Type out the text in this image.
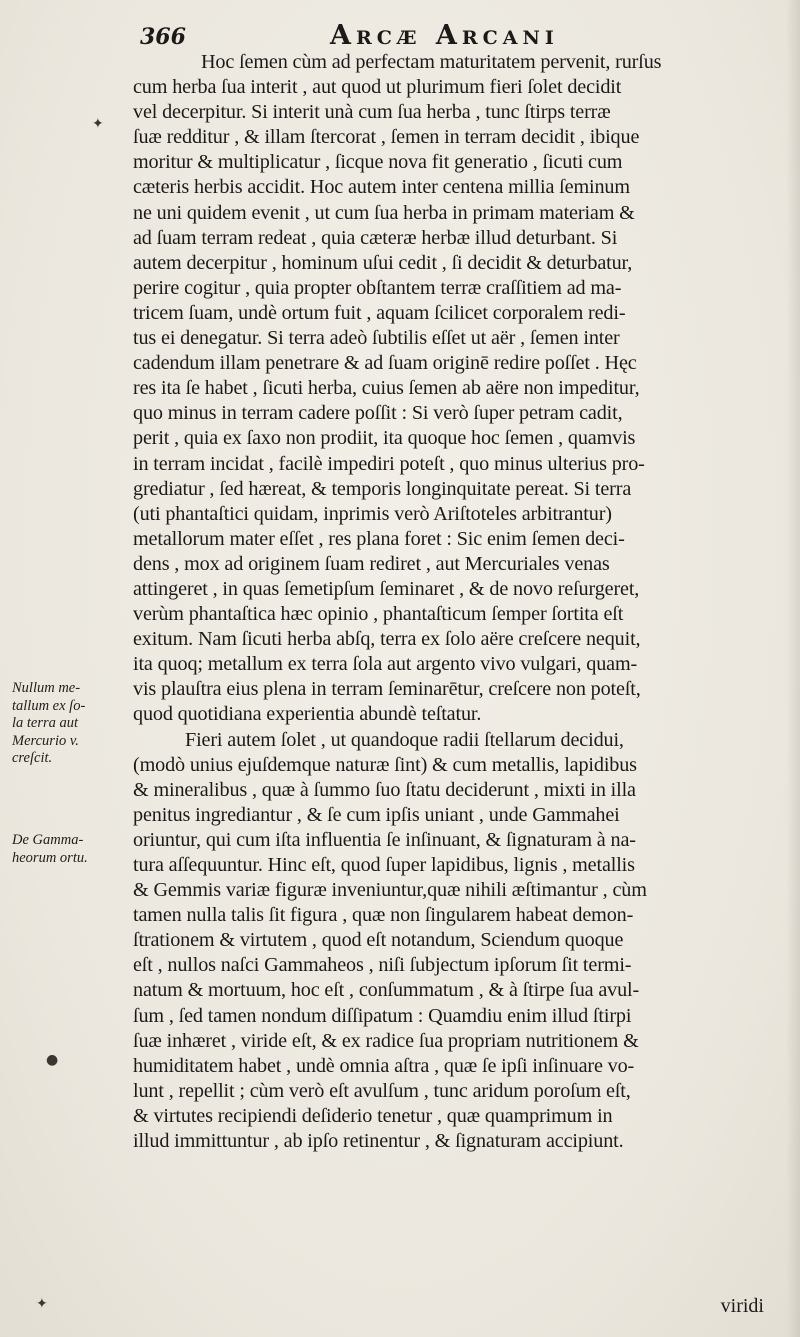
366	Arcæ Arcani
Hoc ſemen cùm ad perfectam maturitatem pervenit, rurſus
cum herba ſua interit , aut quod ut plurimum fieri ſolet decidit
vel decerpitur. Si interit unà cum ſua herba , tunc ſtirps terræ
ſuæ redditur , & illam ſtercorat , ſemen in terram decidit , ibique
moritur & multiplicatur , ſicque nova fit generatio , ſicuti cum
cæteris herbis accidit. Hoc autem inter centena millia ſeminum
ne uni quidem evenit , ut cum ſua herba in primam materiam &
ad ſuam terram redeat , quia cæteræ herbæ illud deturbant. Si
autem decerpitur , hominum uſui cedit , ſi decidit & deturbatur,
perire cogitur , quia propter obſtantem terræ craſſitiem ad ma-
tricem ſuam, undè ortum fuit , aquam ſcilicet corporalem redi-
tus ei denegatur. Si terra adeò ſubtilis eſſet ut aër , ſemen inter
cadendum illam penetrare & ad ſuam originē redire poſſet . Hęc
res ita ſe habet , ſicuti herba, cuius ſemen ab aëre non impeditur,
quo minus in terram cadere poſſit : Si verò ſuper petram cadit,
perit , quia ex ſaxo non prodiit, ita quoque hoc ſemen , quamvis
in terram incidat , facilè impediri poteſt , quo minus ulterius pro-
grediatur , ſed hæreat, & temporis longinquitate pereat. Si terra
(uti phantaſtici quidam, inprimis verò Ariſtoteles arbitrantur)
metallorum mater eſſet , res plana foret : Sic enim ſemen deci-
dens , mox ad originem ſuam rediret , aut Mercuriales venas
attingeret , in quas ſemetipſum ſeminaret , & de novo reſurgeret,
verùm phantaſtica hæc opinio , phantaſticum ſemper ſortita eſt
exitum. Nam ſicuti herba abſq, terra ex ſolo aëre creſcere nequit,
ita quoq; metallum ex terra ſola aut argento vivo vulgari, quam-
vis plauſtra eius plena in terram ſeminarētur, creſcere non poteſt,
quod quotidiana experientia abundè teſtatur.
Fieri autem ſolet , ut quandoque radii ſtellarum decidui,
(modò unius ejuſdemque naturæ ſint) & cum metallis, lapidibus
& mineralibus , quæ à ſummo ſuo ſtatu deciderunt , mixti in illa
penitus ingrediantur , & ſe cum ipſis uniant , unde Gammahei
oriuntur, qui cum iſta influentia ſe inſinuant, & ſignaturam à na-
tura aſſequuntur. Hinc eſt, quod ſuper lapidibus, lignis , metallis
& Gemmis variæ figuræ inveniuntur,quæ nihili æſtimantur , cùm
tamen nulla talis ſit figura , quæ non ſingularem habeat demon-
ſtrationem & virtutem , quod eſt notandum, Sciendum quoque
eſt , nullos naſci Gammaheos , niſi ſubjectum ipſorum ſit termi-
natum & mortuum, hoc eſt , conſummatum , & à ſtirpe ſua avul-
ſum , ſed tamen nondum diſſipatum : Quamdiu enim illud ſtirpi
ſuæ inhæret , viride eſt, & ex radice ſua propriam nutritionem &
humiditatem habet , undè omnia aſtra , quæ ſe ipſi inſinuare vo-
lunt , repellit ; cùm verò eſt avulſum , tunc aridum poroſum eſt,
& virtutes recipiendi deſiderio tenetur , quæ quamprimum in
illud immittuntur , ab ipſo retinentur , & ſignaturam accipiunt.
Nullum me-
tallum ex ſo-
la terra aut
Mercurio v.
creſcit.
De Gamma-
heorum ortu.
viridi
✦
●
✦
